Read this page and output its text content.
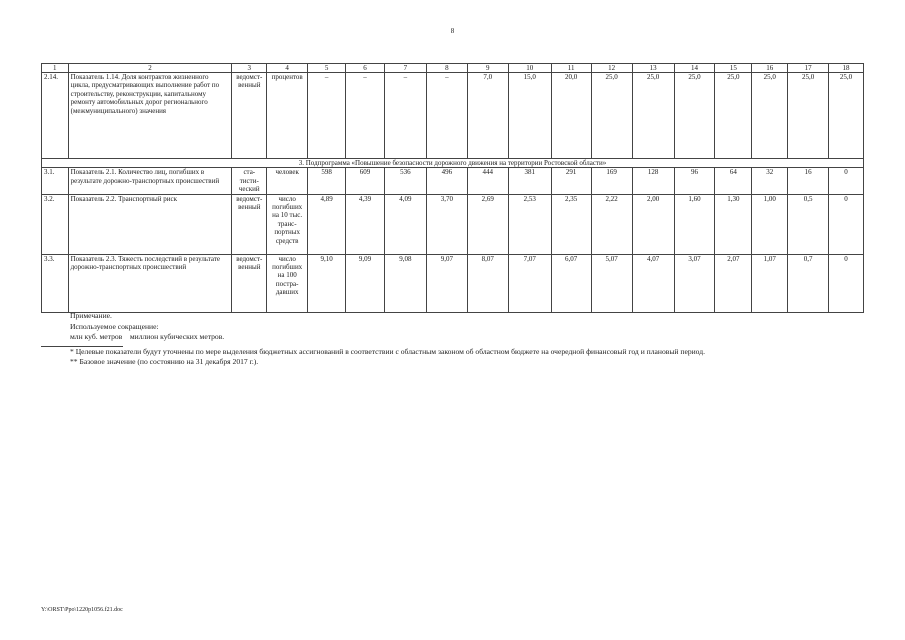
8
1	2	3	4	5	6	7	8	9	10	11	12	13	14	15	16	17	18
2.14.	Показатель 1.14. Доля контрактов жизненного цикла, предусматривающих выполнение работ по строительству, реконструкции, капитальному ремонту автомобильных дорог регионального (межмуниципального) значения	ведомст-венный	процентов	–	–	–	–	7,0	15,0	20,0	25,0	25,0	25,0	25,0	25,0	25,0	25,0
3. Подпрограмма «Повышение безопасности дорожного движения на территории Ростовской области»																	
3.1.	Показатель 2.1. Количество лиц, погибших в результате дорожно-транспортных происшествий	ста-тисти-ческий	человек	598	609	536	496	444	381	291	169	128	96	64	32	16	0
3.2.	Показатель 2.2. Транспортный риск	ведомст-венный	число погибших на 10 тыс. транс-портных средств	4,89	4,39	4,09	3,70	2,69	2,53	2,35	2,22	2,00	1,60	1,30	1,00	0,5	0
3.3.	Показатель 2.3. Тяжесть последствий в результате дорожно-транспортных происшествий	ведомст-венный	число погибших на 100 постра-давших	9,10	9,09	9,08	9,07	8,07	7,07	6,07	5,07	4,07	3,07	2,07	1,07	0,7	0

Примечание.

Используемое сокращение:

млн куб. метров    миллион кубических метров.

* Целевые показатели будут уточнены по мере выделения бюджетных ассигнований в соответствии с областным законом об областном бюджете на очередной финансовый год и плановый период.

** Базовое значение (по состоянию на 31 декабря 2017 г.).

Y:\ORST\Ppo\1220p1056.f21.doc
